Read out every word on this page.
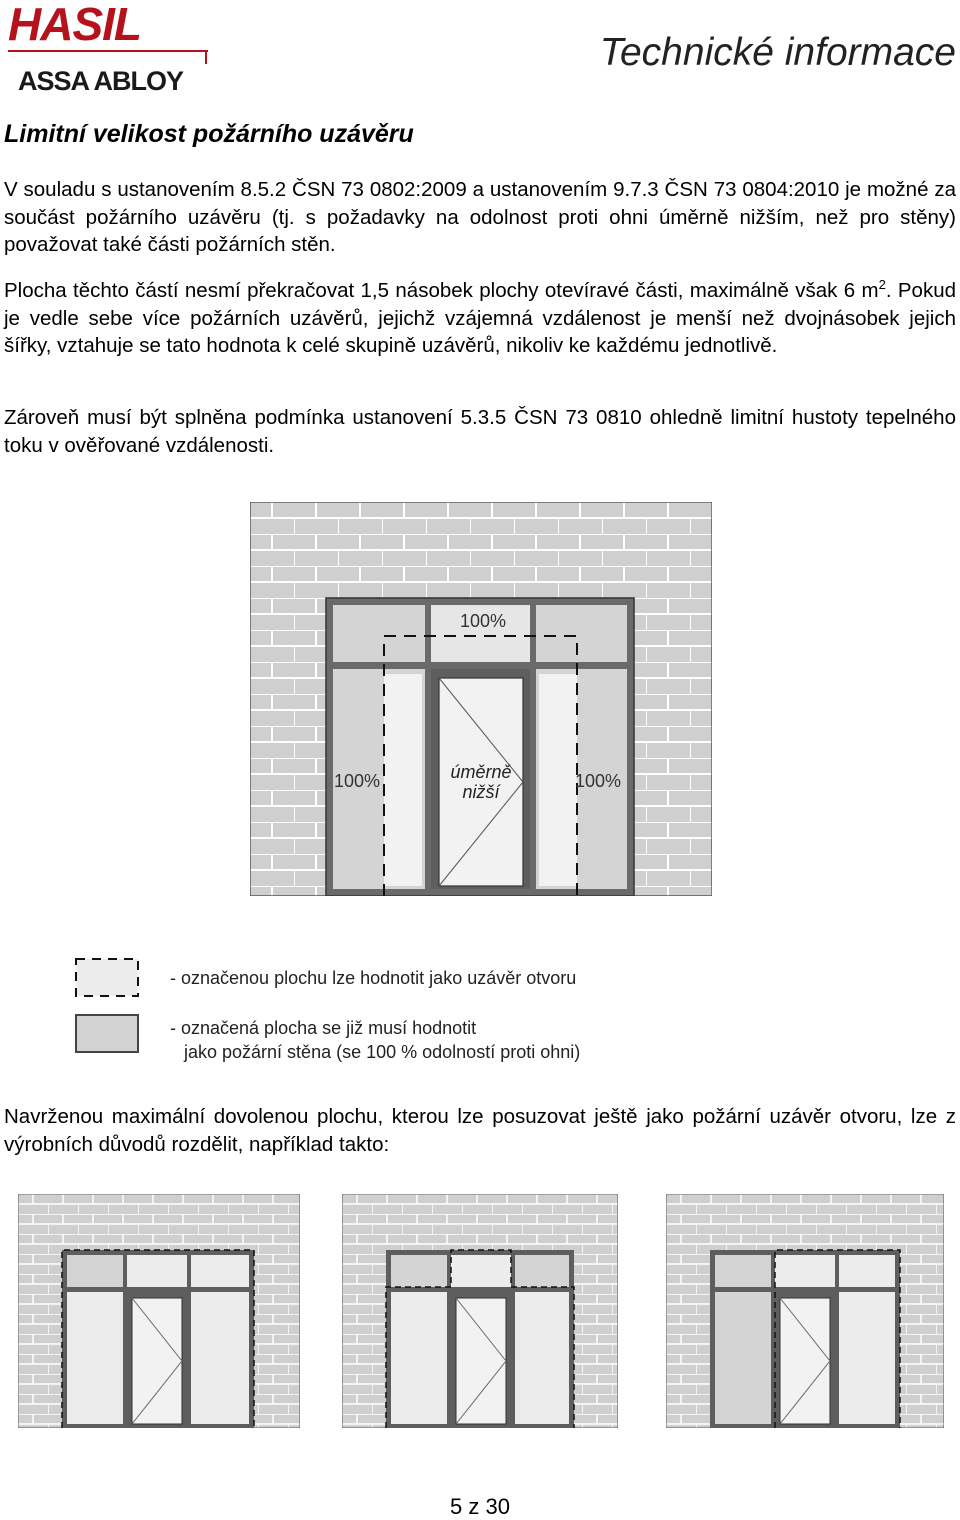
HASIL
ASSA ABLOY
Technické informace
Limitní velikost požárního uzávěru
V souladu s ustanovením 8.5.2 ČSN 73 0802:2009 a ustanovením 9.7.3 ČSN 73 0804:2010 je možné za součást požárního uzávěru (tj. s požadavky na odolnost proti ohni úměrně nižším, než pro stěny) považovat také části požárních stěn.
Plocha těchto částí nesmí překračovat 1,5 násobek plochy otevíravé části, maximálně však 6 $m^2$. Pokud je vedle sebe více požárních uzávěrů, jejichž vzájemná vzdálenost je menší než dvojnásobek jejich šířky, vztahuje se tato hodnota k celé skupině uzávěrů, nikoliv ke každému jednotlivě.
Zároveň musí být splněna podmínka ustanovení 5.3.5 ČSN 73 0810 ohledně limitní hustoty tepelného toku v ověřované vzdálenosti.
100%
100%	100%
úměrně
nižší
- označenou plochu lze hodnotit jako uzávěr otvoru
- označená plocha se již musí hodnotit
jako požární stěna (se 100 % odolností proti ohni)
Navrženou maximální dovolenou plochu, kterou lze posuzovat ještě jako požární uzávěr otvoru, lze z výrobních důvodů rozdělit, například takto:
5 z 30
